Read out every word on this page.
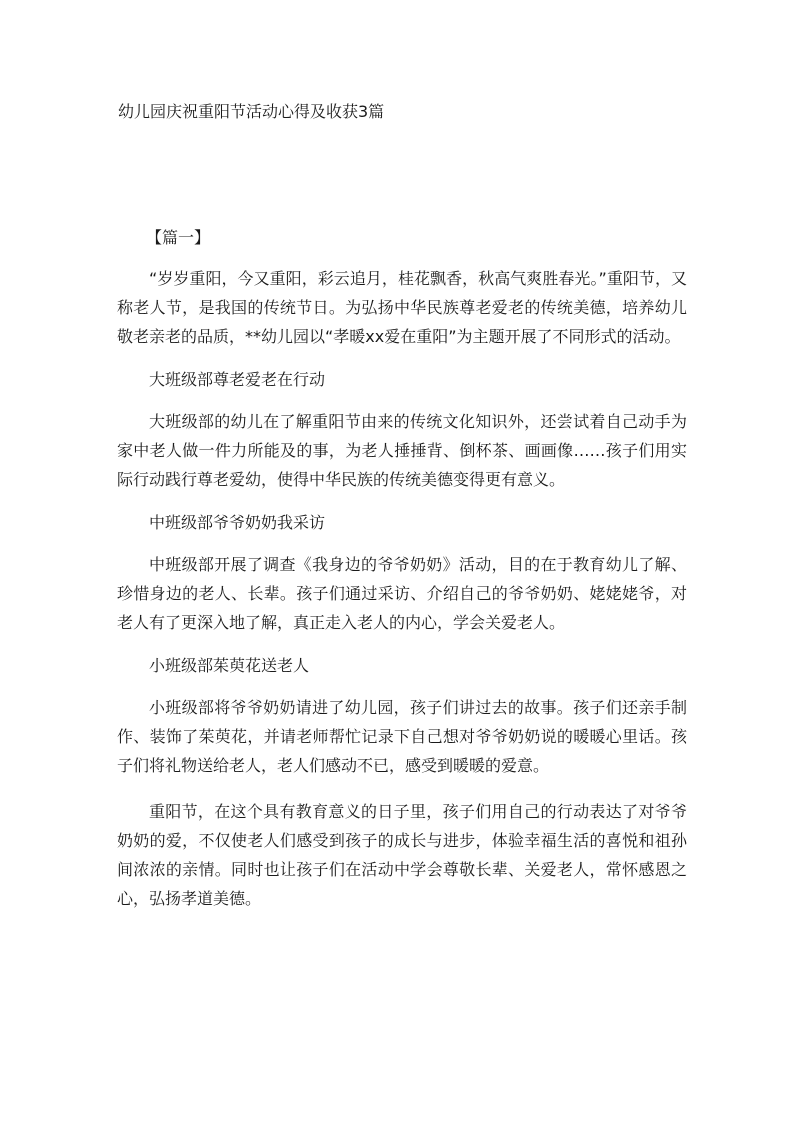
幼儿园庆祝重阳节活动心得及收获3篇
【篇一】

“岁岁重阳，今又重阳，彩云追月，桂花飘香，秋高气爽胜春光。”重阳节，又称老人节，是我国的传统节日。为弘扬中华民族尊老爱老的传统美德，培养幼儿敬老亲老的品质，**幼儿园以“孝暖xx爱在重阳”为主题开展了不同形式的活动。

大班级部尊老爱老在行动

大班级部的幼儿在了解重阳节由来的传统文化知识外，还尝试着自己动手为家中老人做一件力所能及的事，为老人捶捶背、倒杯茶、画画像……孩子们用实际行动践行尊老爱幼，使得中华民族的传统美德变得更有意义。

中班级部爷爷奶奶我采访

中班级部开展了调查《我身边的爷爷奶奶》活动，目的在于教育幼儿了解、珍惜身边的老人、长辈。孩子们通过采访、介绍自己的爷爷奶奶、姥姥姥爷，对老人有了更深入地了解，真正走入老人的内心，学会关爱老人。

小班级部茱萸花送老人

小班级部将爷爷奶奶请进了幼儿园，孩子们讲过去的故事。孩子们还亲手制作、装饰了茱萸花，并请老师帮忙记录下自己想对爷爷奶奶说的暖暖心里话。孩子们将礼物送给老人，老人们感动不已，感受到暖暖的爱意。

重阳节，在这个具有教育意义的日子里，孩子们用自己的行动表达了对爷爷奶奶的爱，不仅使老人们感受到孩子的成长与进步，体验幸福生活的喜悦和祖孙间浓浓的亲情。同时也让孩子们在活动中学会尊敬长辈、关爱老人，常怀感恩之心，弘扬孝道美德。
